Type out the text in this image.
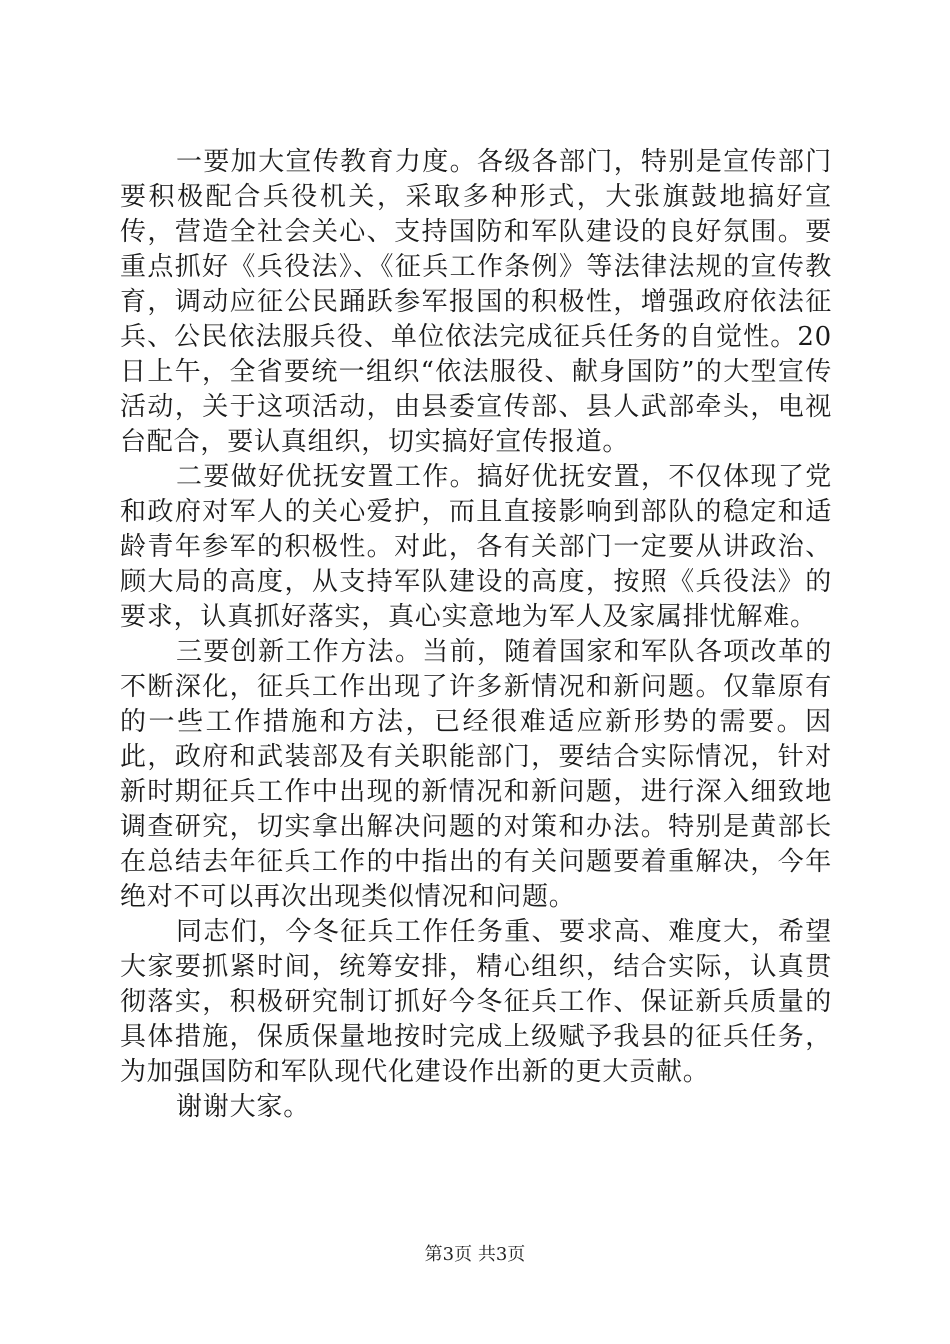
一要加大宣传教育力度。各级各部门，特别是宣传部门要积极配合兵役机关，采取多种形式，大张旗鼓地搞好宣传，营造全社会关心、支持国防和军队建设的良好氛围。要重点抓好《兵役法》、《征兵工作条例》等法律法规的宣传教育，调动应征公民踊跃参军报国的积极性，增强政府依法征兵、公民依法服兵役、单位依法完成征兵任务的自觉性。20日上午，全省要统一组织“依法服役、献身国防”的大型宣传活动，关于这项活动，由县委宣传部、县人武部牵头，电视台配合，要认真组织，切实搞好宣传报道。

二要做好优抚安置工作。搞好优抚安置，不仅体现了党和政府对军人的关心爱护，而且直接影响到部队的稳定和适龄青年参军的积极性。对此，各有关部门一定要从讲政治、顾大局的高度，从支持军队建设的高度，按照《兵役法》的要求，认真抓好落实，真心实意地为军人及家属排忧解难。

三要创新工作方法。当前，随着国家和军队各项改革的不断深化，征兵工作出现了许多新情况和新问题。仅靠原有的一些工作措施和方法，已经很难适应新形势的需要。因此，政府和武装部及有关职能部门，要结合实际情况，针对新时期征兵工作中出现的新情况和新问题，进行深入细致地调查研究，切实拿出解决问题的对策和办法。特别是黄部长在总结去年征兵工作的中指出的有关问题要着重解决，今年绝对不可以再次出现类似情况和问题。

同志们，今冬征兵工作任务重、要求高、难度大，希望大家要抓紧时间，统筹安排，精心组织，结合实际，认真贯彻落实，积极研究制订抓好今冬征兵工作、保证新兵质量的具体措施，保质保量地按时完成上级赋予我县的征兵任务，为加强国防和军队现代化建设作出新的更大贡献。

谢谢大家。

第3页 共3页
